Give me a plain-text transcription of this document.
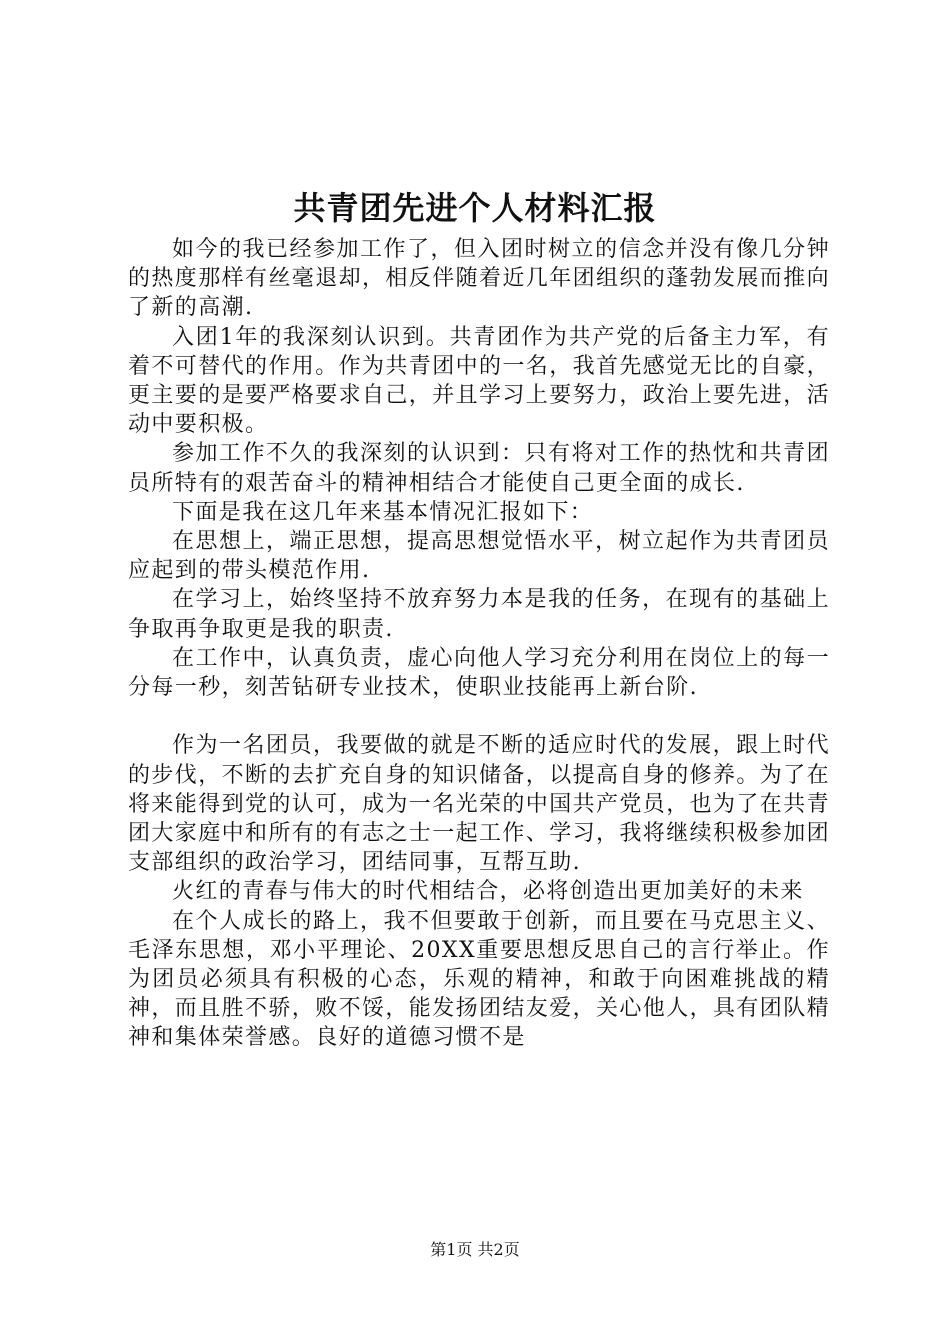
共青团先进个人材料汇报

如今的我已经参加工作了，但入团时树立的信念并没有像几分钟的热度那样有丝毫退却，相反伴随着近几年团组织的蓬勃发展而推向了新的高潮.

入团1年的我深刻认识到。共青团作为共产党的后备主力军，有着不可替代的作用。作为共青团中的一名，我首先感觉无比的自豪，更主要的是要严格要求自己，并且学习上要努力，政治上要先进，活动中要积极。

参加工作不久的我深刻的认识到：只有将对工作的热忱和共青团员所特有的艰苦奋斗的精神相结合才能使自己更全面的成长.

下面是我在这几年来基本情况汇报如下：

在思想上，端正思想，提高思想觉悟水平，树立起作为共青团员应起到的带头模范作用.

在学习上，始终坚持不放弃努力本是我的任务，在现有的基础上争取再争取更是我的职责.

在工作中，认真负责，虚心向他人学习充分利用在岗位上的每一分每一秒，刻苦钻研专业技术，使职业技能再上新台阶.

作为一名团员，我要做的就是不断的适应时代的发展，跟上时代的步伐，不断的去扩充自身的知识储备，以提高自身的修养。为了在将来能得到党的认可，成为一名光荣的中国共产党员，也为了在共青团大家庭中和所有的有志之士一起工作、学习，我将继续积极参加团支部组织的政治学习，团结同事，互帮互助.

火红的青春与伟大的时代相结合，必将创造出更加美好的未来

在个人成长的路上，我不但要敢于创新，而且要在马克思主义、毛泽东思想，邓小平理论、20XX重要思想反思自己的言行举止。作为团员必须具有积极的心态，乐观的精神，和敢于向困难挑战的精神，而且胜不骄，败不馁，能发扬团结友爱，关心他人，具有团队精神和集体荣誉感。良好的道德习惯不是

第1页 共2页
